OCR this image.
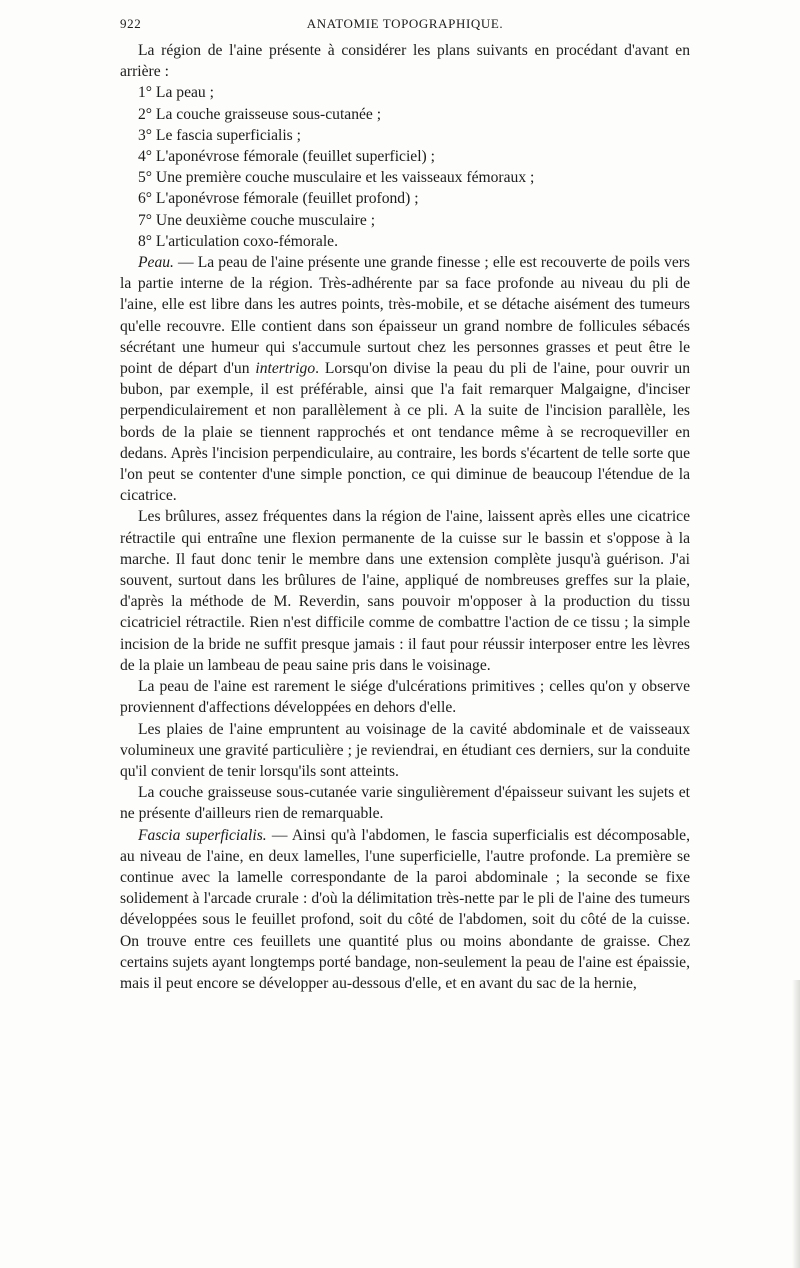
922	ANATOMIE TOPOGRAPHIQUE.

La région de l'aine présente à considérer les plans suivants en procédant d'avant en arrière :

1° La peau ;
2° La couche graisseuse sous-cutanée ;
3° Le fascia superficialis ;
4° L'aponévrose fémorale (feuillet superficiel) ;
5° Une première couche musculaire et les vaisseaux fémoraux ;
6° L'aponévrose fémorale (feuillet profond) ;
7° Une deuxième couche musculaire ;
8° L'articulation coxo-fémorale.

Peau. — La peau de l'aine présente une grande finesse ; elle est recouverte de poils vers la partie interne de la région. Très-adhérente par sa face profonde au niveau du pli de l'aine, elle est libre dans les autres points, très-mobile, et se détache aisément des tumeurs qu'elle recouvre. Elle contient dans son épaisseur un grand nombre de follicules sébacés sécrétant une humeur qui s'accumule surtout chez les personnes grasses et peut être le point de départ d'un intertrigo. Lorsqu'on divise la peau du pli de l'aine, pour ouvrir un bubon, par exemple, il est préférable, ainsi que l'a fait remarquer Malgaigne, d'inciser perpendiculairement et non parallèlement à ce pli. A la suite de l'incision parallèle, les bords de la plaie se tiennent rapprochés et ont tendance même à se recroqueviller en dedans. Après l'incision perpendiculaire, au contraire, les bords s'écartent de telle sorte que l'on peut se contenter d'une simple ponction, ce qui diminue de beaucoup l'étendue de la cicatrice.

Les brûlures, assez fréquentes dans la région de l'aine, laissent après elles une cicatrice rétractile qui entraîne une flexion permanente de la cuisse sur le bassin et s'oppose à la marche. Il faut donc tenir le membre dans une extension complète jusqu'à guérison. J'ai souvent, surtout dans les brûlures de l'aine, appliqué de nombreuses greffes sur la plaie, d'après la méthode de M. Reverdin, sans pouvoir m'opposer à la production du tissu cicatriciel rétractile. Rien n'est difficile comme de combattre l'action de ce tissu ; la simple incision de la bride ne suffit presque jamais : il faut pour réussir interposer entre les lèvres de la plaie un lambeau de peau saine pris dans le voisinage.

La peau de l'aine est rarement le siége d'ulcérations primitives ; celles qu'on y observe proviennent d'affections développées en dehors d'elle.

Les plaies de l'aine empruntent au voisinage de la cavité abdominale et de vaisseaux volumineux une gravité particulière ; je reviendrai, en étudiant ces derniers, sur la conduite qu'il convient de tenir lorsqu'ils sont atteints.

La couche graisseuse sous-cutanée varie singulièrement d'épaisseur suivant les sujets et ne présente d'ailleurs rien de remarquable.

Fascia superficialis. — Ainsi qu'à l'abdomen, le fascia superficialis est décomposable, au niveau de l'aine, en deux lamelles, l'une superficielle, l'autre profonde. La première se continue avec la lamelle correspondante de la paroi abdominale ; la seconde se fixe solidement à l'arcade crurale : d'où la délimitation très-nette par le pli de l'aine des tumeurs développées sous le feuillet profond, soit du côté de l'abdomen, soit du côté de la cuisse. On trouve entre ces feuillets une quantité plus ou moins abondante de graisse. Chez certains sujets ayant longtemps porté bandage, non-seulement la peau de l'aine est épaissie, mais il peut encore se développer au-dessous d'elle, et en avant du sac de la hernie,
